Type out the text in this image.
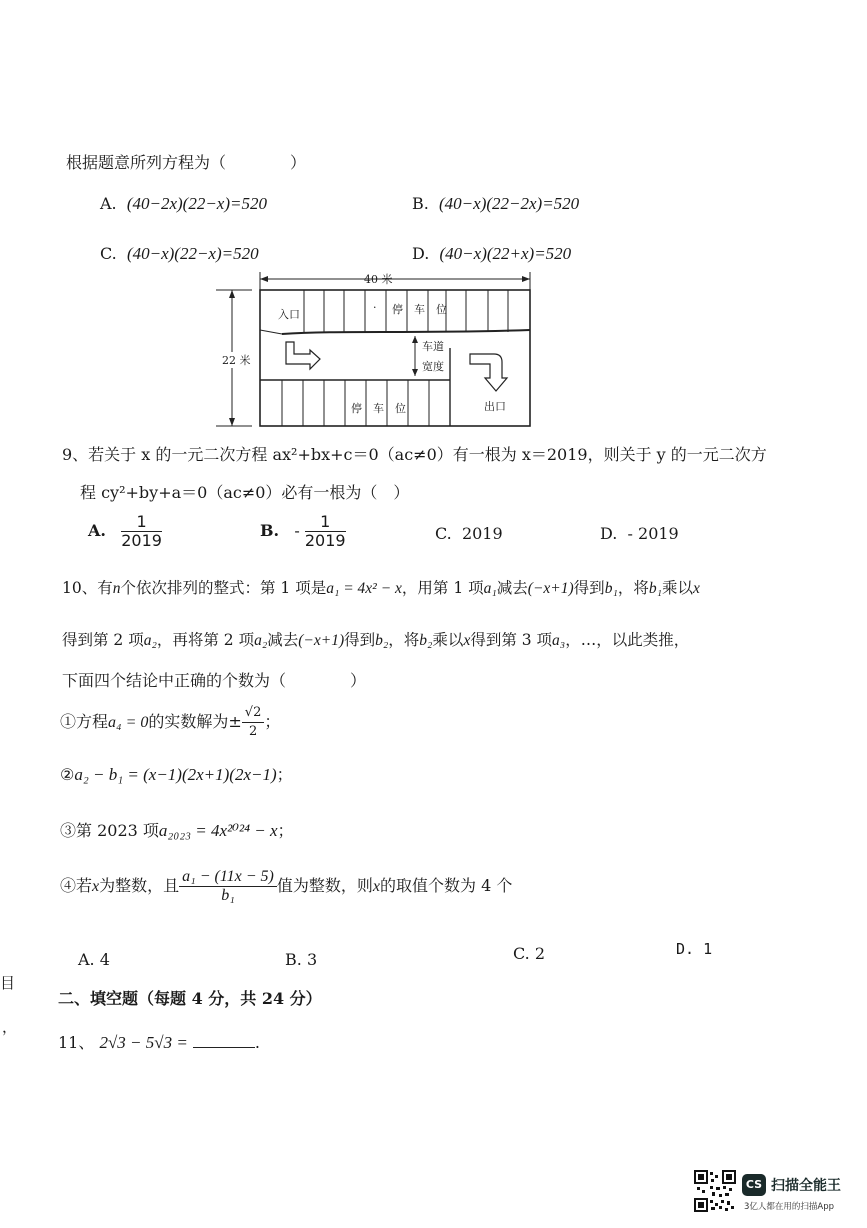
根据题意所列方程为（　　　　）
A. (40−2x)(22−x)=520	B. (40−x)(22−2x)=520
C. (40−x)(22−x)=520	D. (40−x)(22+x)=520
40 米
22 米
入口
· 停　车　位
车道
宽度
停　车　位	出口
9、若关于 x 的一元二次方程 ax²+bx+c＝0（ac≠0）有一根为 x＝2019，则关于 y 的一元二次方
程 cy²+by+a＝0（ac≠0）必有一根为（　）
A. $\frac{1}{2019}$	B. - $\frac{1}{2019}$	C. 2019	D. - 2019
10、有n个依次排列的整式：第 1 项是a₁ = 4x² − x，用第 1 项a₁减去(−x+1)得到b₁，将b₁乘以x
得到第 2 项a₂，再将第 2 项a₂减去(−x+1)得到b₂，将b₂乘以x得到第 3 项a₃，…，以此类推，
下面四个结论中正确的个数为（　　　　）
①方程a₄ = 0的实数解为± $\frac{√2}{2}$ ；
②a₂ − b₁ = (x−1)(2x+1)(2x−1)；
③第 2023 项a₂₀₂₃ = 4x²⁰²⁴ − x；
④若x为整数，且 $\frac{\text{a₁ − (11x − 5)}}{\text{b₁}}$ 值为整数，则x的取值个数为 4 个
A. 4	B. 3	C. 2	D. 1
目
，
二、填空题（每题 4 分，共 24 分）
11、 2√3 − 5√3 =	.
CS 扫描全能王
3亿人都在用的扫描App
